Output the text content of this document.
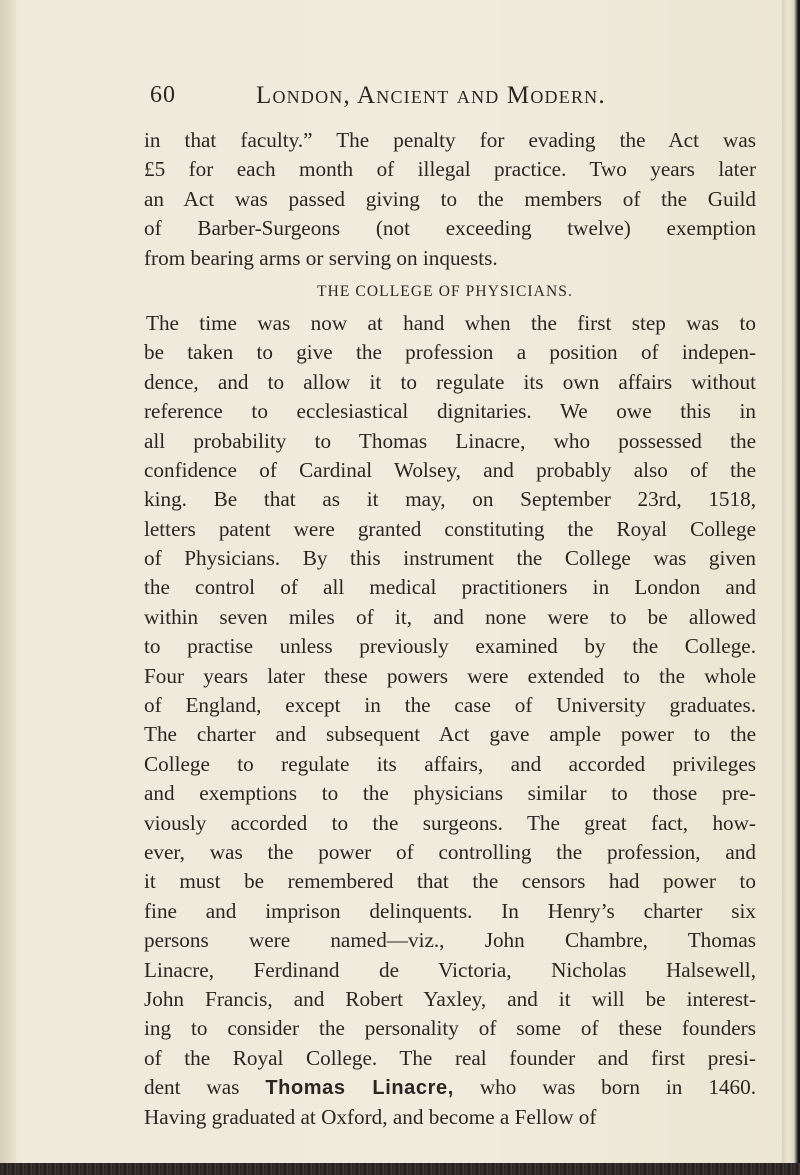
60	London, Ancient and Modern.
in that faculty.” The penalty for evading the Act was
£5 for each month of illegal practice. Two years later
an Act was passed giving to the members of the Guild
of Barber-Surgeons (not exceeding twelve) exemption
from bearing arms or serving on inquests.
THE COLLEGE OF PHYSICIANS.
The time was now at hand when the first step was to
be taken to give the profession a position of indepen-
dence, and to allow it to regulate its own affairs without
reference to ecclesiastical dignitaries. We owe this in
all probability to Thomas Linacre, who possessed the
confidence of Cardinal Wolsey, and probably also of the
king. Be that as it may, on September 23rd, 1518,
letters patent were granted constituting the Royal College
of Physicians. By this instrument the College was given
the control of all medical practitioners in London and
within seven miles of it, and none were to be allowed
to practise unless previously examined by the College.
Four years later these powers were extended to the whole
of England, except in the case of University graduates.
The charter and subsequent Act gave ample power to the
College to regulate its affairs, and accorded privileges
and exemptions to the physicians similar to those pre-
viously accorded to the surgeons. The great fact, how-
ever, was the power of controlling the profession, and
it must be remembered that the censors had power to
fine and imprison delinquents. In Henry’s charter six
persons were named—viz., John Chambre, Thomas
Linacre, Ferdinand de Victoria, Nicholas Halsewell,
John Francis, and Robert Yaxley, and it will be interest-
ing to consider the personality of some of these founders
of the Royal College. The real founder and first presi-
dent was Thomas Linacre, who was born in 1460.
Having graduated at Oxford, and become a Fellow of
